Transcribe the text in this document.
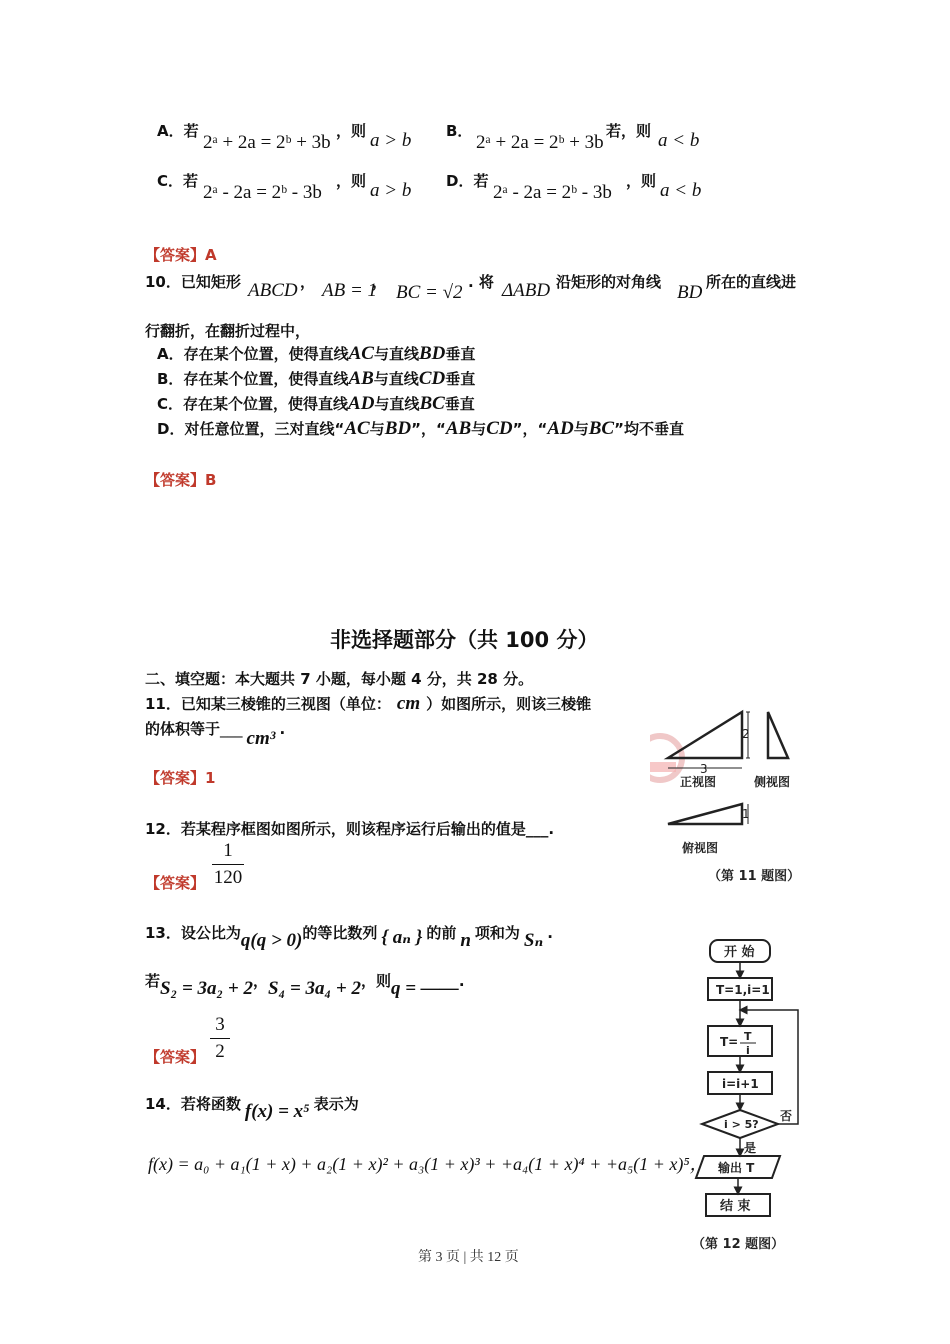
A．若
2ᵃ + 2a = 2ᵇ + 3b
，则 a > b B．
2ᵃ + 2a = 2ᵇ + 3b
若，则 a < b
C．若
2ᵃ - 2a = 2ᵇ - 3b
，则 a > b D．若
2ᵃ - 2a = 2ᵇ - 3b
，则 a < b
【答案】A
10．已知矩形 ABCD ， AB = 1
， BC = √2 . 将 ΔABD 沿矩形的对角线 BD 所在的直线进
行翻折，在翻折过程中，
A．存在某个位置，使得直线AC与直线BD垂直
B．存在某个位置，使得直线AB与直线CD垂直
C．存在某个位置，使得直线AD与直线BC垂直
D．对任意位置，三对直线“AC与BD”，“AB与CD”，“AD与BC”均不垂直
【答案】B
非选择题部分（共 100 分）
二、填空题：本大题共 7 小题，每小题 4 分，共 28 分。
11．已知某三棱锥的三视图（单位： cm ）如图所示，则该三棱锥
的体积等于___ cm³ .
【答案】1
12．若某程序框图如图所示，则该程序运行后输出的值是___.
【答案】
1
120
13．设公比为q(q > 0)的等比数列 { aₙ } 的前 n 项和为 Sₙ .
若S₂ = 3a₂ + 2，S₄ = 3a₄ + 2，则q = ——.
【答案】
3
2
14．若将函数 f(x) = x⁵ 表示为
f(x) = a₀ + a₁(1 + x) + a₂(1 + x)² + a₃(1 + x)³ + +a₄(1 + x)⁴ + +a₅(1 + x)⁵，
2
3
正视图	侧视图
1
俯视图
（第 11 题图）
开 始
T=1,i=1
T= T
i
i=i+1
i > 5?
否
是
输出 T
结 束
（第 12 题图）
第 3 页 | 共 12 页
